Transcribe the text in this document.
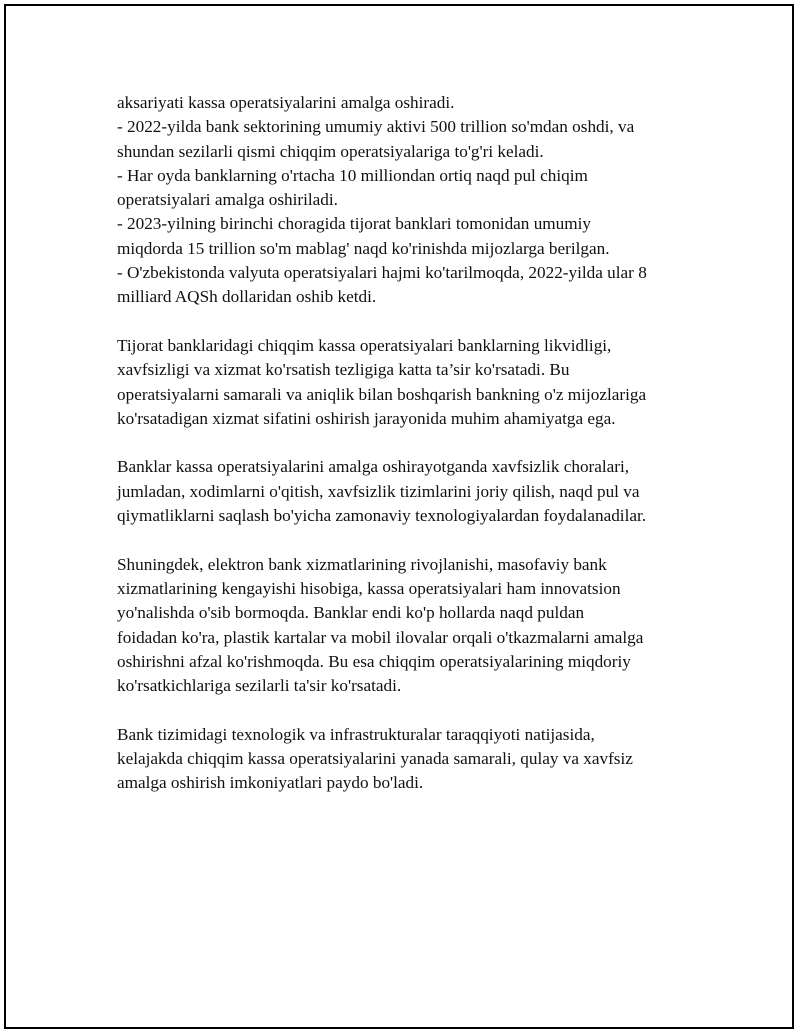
aksariyati kassa operatsiyalarini amalga oshiradi.
- 2022-yilda bank sektorining umumiy aktivi 500 trillion so'mdan oshdi, va
shundan sezilarli qismi chiqqim operatsiyalariga to'g'ri keladi.
- Har oyda banklarning o'rtacha 10 milliondan ortiq naqd pul chiqim
operatsiyalari amalga oshiriladi.
- 2023-yilning birinchi choragida tijorat banklari tomonidan umumiy
miqdorda 15 trillion so'm mablag' naqd ko'rinishda mijozlarga berilgan.
- O'zbekistonda valyuta operatsiyalari hajmi ko'tarilmoqda, 2022-yilda ular 8
milliard AQSh dollaridan oshib ketdi.

Tijorat banklaridagi chiqqim kassa operatsiyalari banklarning likvidligi,
xavfsizligi va xizmat ko'rsatish tezligiga katta ta’sir ko'rsatadi. Bu
operatsiyalarni samarali va aniqlik bilan boshqarish bankning o'z mijozlariga
ko'rsatadigan xizmat sifatini oshirish jarayonida muhim ahamiyatga ega.

Banklar kassa operatsiyalarini amalga oshirayotganda xavfsizlik choralari,
jumladan, xodimlarni o'qitish, xavfsizlik tizimlarini joriy qilish, naqd pul va
qiymatliklarni saqlash bo'yicha zamonaviy texnologiyalardan foydalanadilar.

Shuningdek, elektron bank xizmatlarining rivojlanishi, masofaviy bank
xizmatlarining kengayishi hisobiga, kassa operatsiyalari ham innovatsion
yo'nalishda o'sib bormoqda. Banklar endi ko'p hollarda naqd puldan
foidadan ko'ra, plastik kartalar va mobil ilovalar orqali o'tkazmalarni amalga
oshirishni afzal ko'rishmoqda. Bu esa chiqqim operatsiyalarining miqdoriy
ko'rsatkichlariga sezilarli ta'sir ko'rsatadi.

Bank tizimidagi texnologik va infrastrukturalar taraqqiyoti natijasida,
kelajakda chiqqim kassa operatsiyalarini yanada samarali, qulay va xavfsiz
amalga oshirish imkoniyatlari paydo bo'ladi.
